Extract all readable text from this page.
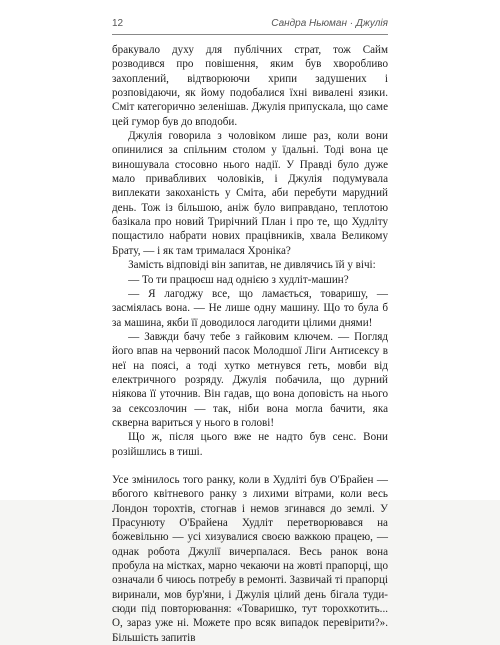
12	Сандра Ньюман · Джулія

бракувало духу для публічних страт, тож Сайм розводився про повішення, яким був хворобливо захоплений, відтворюючи хрипи задушених і розповідаючи, як йому подобалися їхні вивалені язики. Сміт категорично зеленішав. Джулія припускала, що саме цей гумор був до вподоби.

Джулія говорила з чоловіком лише раз, коли вони опинилися за спільним столом у їдальні. Тоді вона це виношувала стосовно нього надії. У Правді було дуже мало привабливих чоловіків, і Джулія подумувала виплекати закоханість у Сміта, аби перебути марудний день. Тож із більшою, аніж було виправдано, теплотою базікала про новий Трирічний План і про те, що Худліту пощастило набрати нових працівників, хвала Великому Брату, — і як там трималася Хроніка?

Замість відповіді він запитав, не дивлячись їй у вічі:

— То ти працюєш над однією з худліт-машин?

— Я лагоджу все, що ламається, товаришу, — засміялась вона. — Не лише одну машину. Що то була б за машина, якби її доводилося лагодити цілими днями!

— Завжди бачу тебе з гайковим ключем. — Погляд його впав на червоний пасок Молодшої Ліги Антисексу в неї на поясі, а тоді хутко метнувся геть, мовби від електричного розряду. Джулія побачила, що дурний ніякова її уточнив. Він гадав, що вона доповість на нього за сексозлочин — так, ніби вона могла бачити, яка скверна вариться у нього в голові!

Що ж, після цього вже не надто був сенс. Вони розійшлись в тиші.

Усе змінилось того ранку, коли в Худліті був О'Брайен — вбогого квітневого ранку з лихими вітрами, коли весь Лондон торохтів, стогнав і немов згинався до землі. У Прасунюту О'Брайена Худліт перетворювався на божевільню — усі хизувалися своєю важкою працею, — однак робота Джулії вичерпалася. Весь ранок вона пробула на містках, марно чекаючи на жовті прапорці, що означали б чиюсь потребу в ремонті. Зазвичай ті прапорці виринали, мов бур'яни, і Джулія цілий день бігала туди-сюди під повторювання: «Товаришко, тут торохкотить... О, зараз уже ні. Можете про всяк випадок перевірити?». Більшість запитів
